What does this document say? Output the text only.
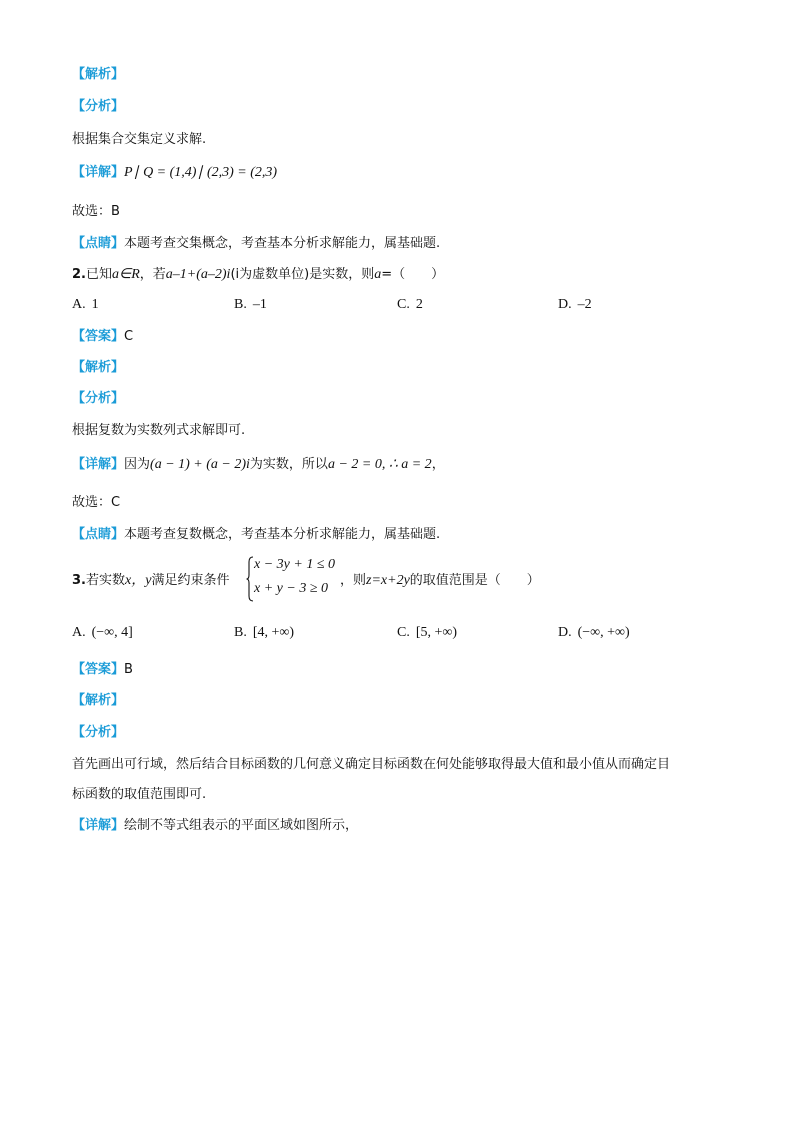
【解析】
【分析】
根据集合交集定义求解.
【详解】P∣ Q = (1,4)∣ (2,3) = (2,3)
故选：B
【点睛】本题考查交集概念，考查基本分析求解能力，属基础题.
2.已知a∈R，若a–1+(a–2)i(i为虚数单位)是实数，则a=（　　）
A. 1	B. –1	C. 2	D. –2
【答案】C
【解析】
【分析】
根据复数为实数列式求解即可.
【详解】因为(a − 1) + (a − 2)i为实数，所以a − 2 = 0, ∴ a = 2，
故选：C
【点睛】本题考查复数概念，考查基本分析求解能力，属基础题.
3.若实数x，y满足约束条件
x − 3y + 1 ≤ 0
x + y − 3 ≥ 0
，则z=x+2y的取值范围是（　　）
A. (−∞, 4]	B. [4, +∞)	C. [5, +∞)	D. (−∞, +∞)
【答案】B
【解析】
【分析】
首先画出可行域，然后结合目标函数的几何意义确定目标函数在何处能够取得最大值和最小值从而确定目
标函数的取值范围即可.
【详解】绘制不等式组表示的平面区域如图所示，
